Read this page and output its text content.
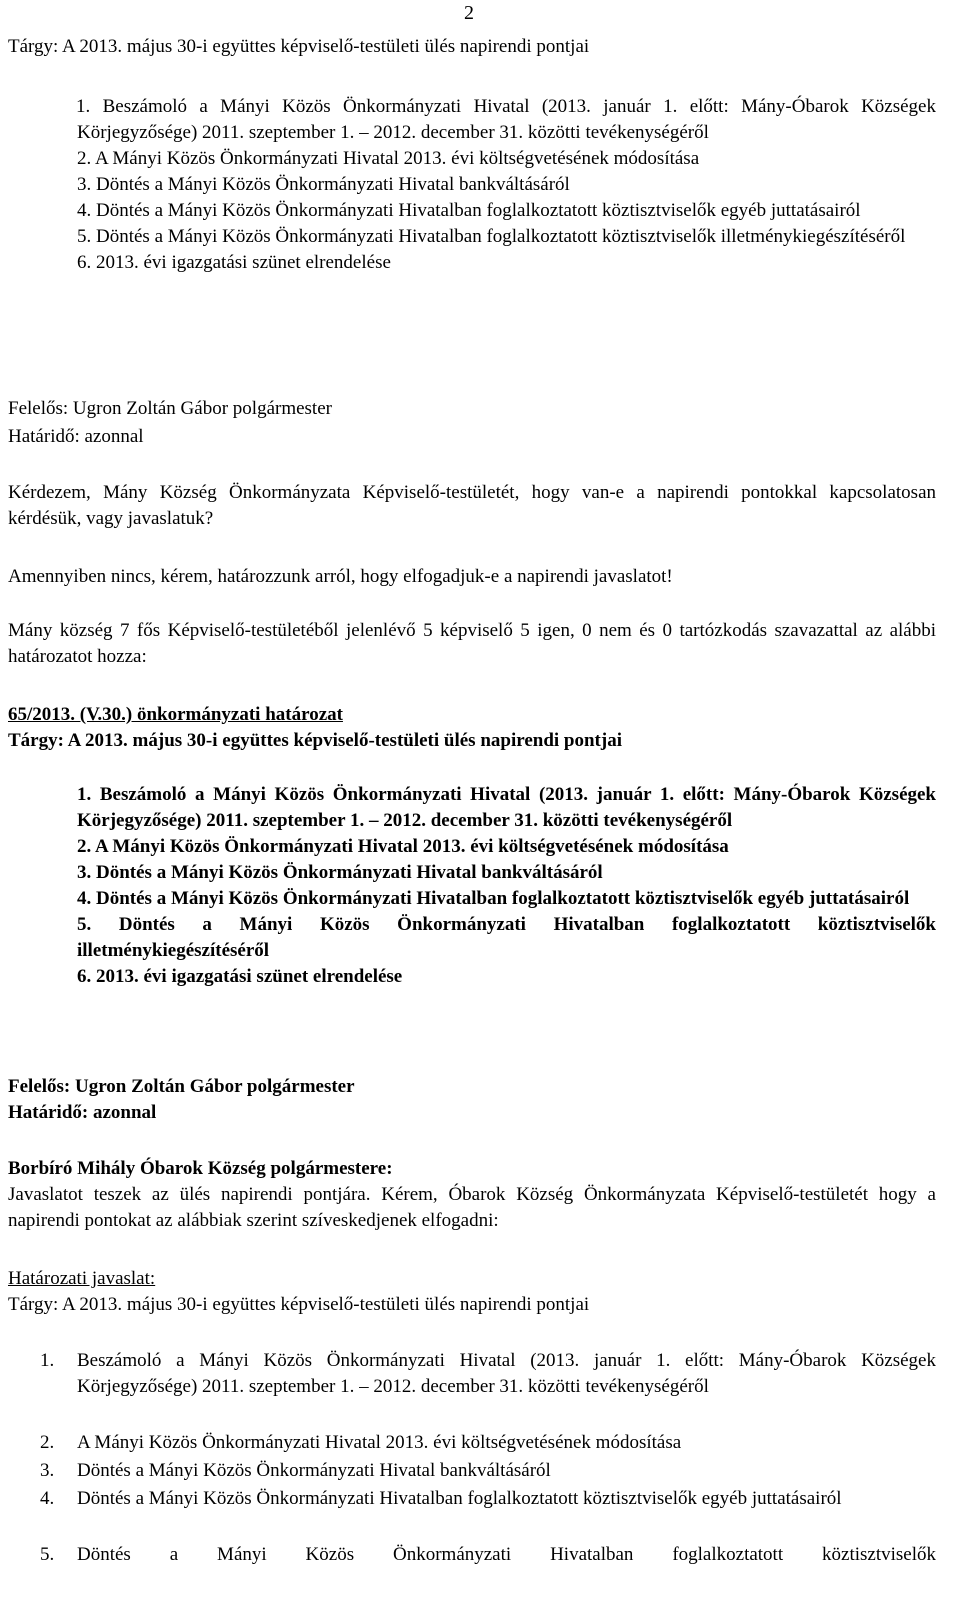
2
Tárgy: A 2013. május 30-i együttes képviselő-testületi ülés napirendi pontjai
1. Beszámoló a Mányi Közös Önkormányzati Hivatal (2013. január 1. előtt: Mány-Óbarok Községek Körjegyzősége) 2011. szeptember 1. – 2012. december 31. közötti tevékenységéről
2. A Mányi Közös Önkormányzati Hivatal 2013. évi költségvetésének módosítása
3. Döntés a Mányi Közös Önkormányzati Hivatal bankváltásáról
4. Döntés a Mányi Közös Önkormányzati Hivatalban foglalkoztatott köztisztviselők egyéb juttatásairól
5. Döntés a Mányi Közös Önkormányzati Hivatalban foglalkoztatott köztisztviselők illetménykiegészítéséről
6. 2013. évi igazgatási szünet elrendelése
Felelős: Ugron Zoltán Gábor polgármester
Határidő: azonnal
Kérdezem, Mány Község Önkormányzata Képviselő-testületét, hogy van-e a napirendi pontokkal kapcsolatosan kérdésük, vagy javaslatuk?
Amennyiben nincs, kérem, határozzunk arról, hogy elfogadjuk-e a napirendi javaslatot!
Mány község 7 fős Képviselő-testületéből jelenlévő 5 képviselő 5 igen, 0 nem és 0 tartózkodás szavazattal az alábbi határozatot hozza:
65/2013. (V.30.) önkormányzati határozat
Tárgy: A 2013. május 30-i együttes képviselő-testületi ülés napirendi pontjai
1. Beszámoló a Mányi Közös Önkormányzati Hivatal (2013. január 1. előtt: Mány-Óbarok Községek Körjegyzősége) 2011. szeptember 1. – 2012. december 31. közötti tevékenységéről
2. A Mányi Közös Önkormányzati Hivatal 2013. évi költségvetésének módosítása
3. Döntés a Mányi Közös Önkormányzati Hivatal bankváltásáról
4. Döntés a Mányi Közös Önkormányzati Hivatalban foglalkoztatott köztisztviselők egyéb juttatásairól
5. Döntés a Mányi Közös Önkormányzati Hivatalban foglalkoztatott köztisztviselők illetménykiegészítéséről
6. 2013. évi igazgatási szünet elrendelése
Felelős: Ugron Zoltán Gábor polgármester
Határidő: azonnal
Borbíró Mihály Óbarok Község polgármestere:
Javaslatot teszek az ülés napirendi pontjára. Kérem, Óbarok Község Önkormányzata Képviselő-testületét hogy a napirendi pontokat az alábbiak szerint szíveskedjenek elfogadni:
Határozati javaslat:
Tárgy: A 2013. május 30-i együttes képviselő-testületi ülés napirendi pontjai
1. Beszámoló a Mányi Közös Önkormányzati Hivatal (2013. január 1. előtt: Mány-Óbarok Községek Körjegyzősége) 2011. szeptember 1. – 2012. december 31. közötti tevékenységéről
2. A Mányi Közös Önkormányzati Hivatal 2013. évi költségvetésének módosítása
3. Döntés a Mányi Közös Önkormányzati Hivatal bankváltásáról
4. Döntés a Mányi Közös Önkormányzati Hivatalban foglalkoztatott köztisztviselők egyéb juttatásairól
5. Döntés a Mányi Közös Önkormányzati Hivatalban foglalkoztatott köztisztviselők
